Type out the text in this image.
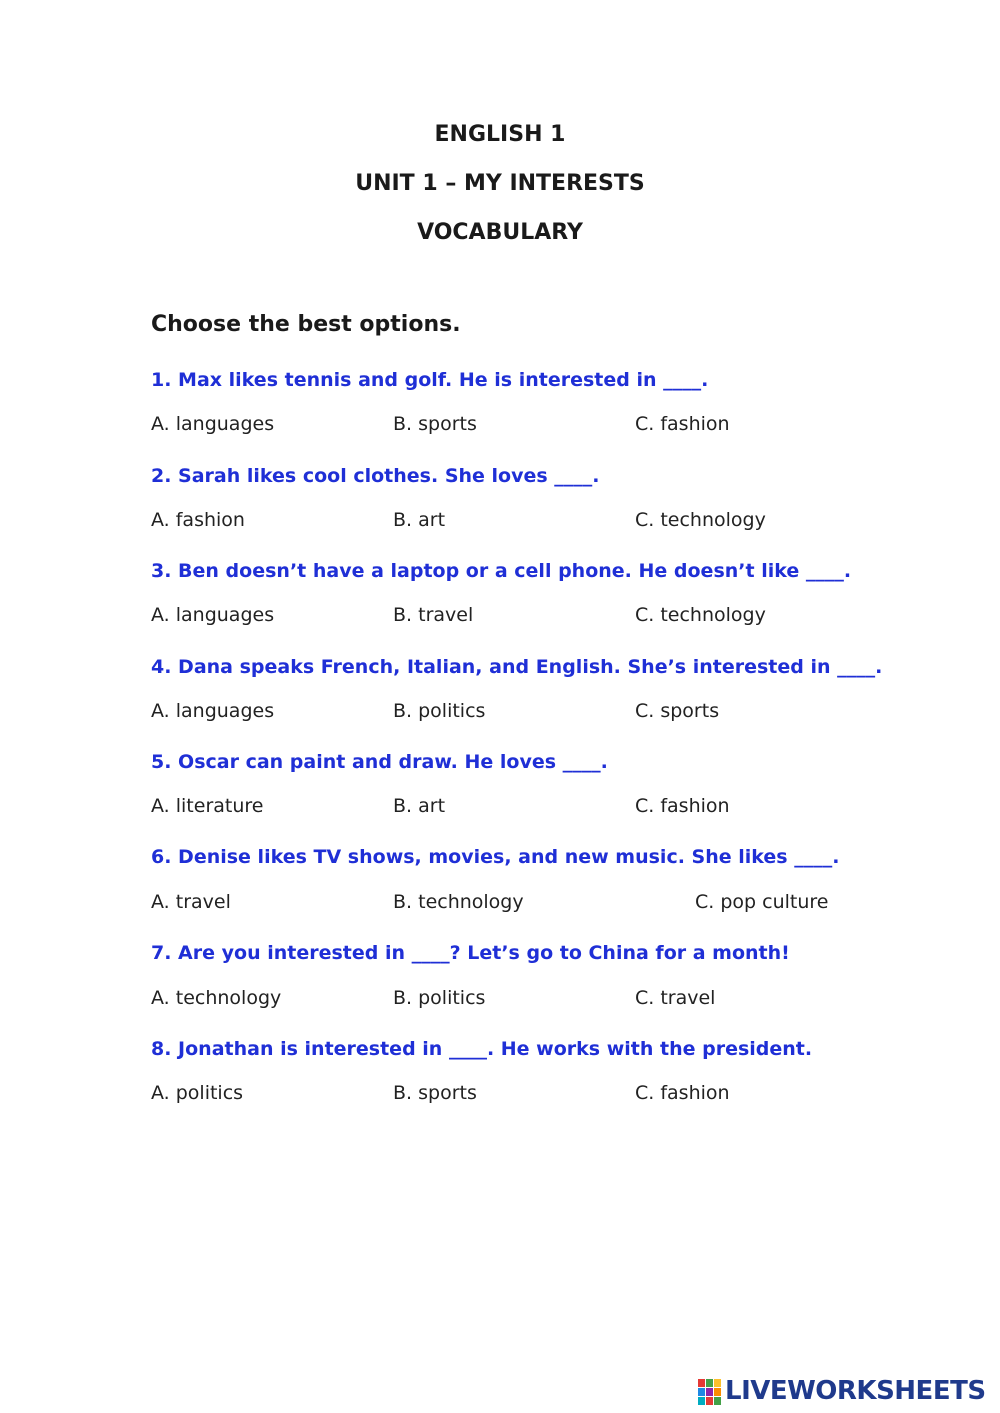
ENGLISH 1
UNIT 1 – MY INTERESTS
VOCABULARY
Choose the best options.
1. Max likes tennis and golf. He is interested in ____.
A. languages	B. sports	C. fashion
2. Sarah likes cool clothes. She loves ____.
A. fashion	B. art	C. technology
3. Ben doesn’t have a laptop or a cell phone. He doesn’t like ____.
A. languages	B. travel	C. technology
4. Dana speaks French, Italian, and English. She’s interested in ____.
A. languages	B. politics	C. sports
5. Oscar can paint and draw. He loves ____.
A. literature	B. art	C. fashion
6. Denise likes TV shows, movies, and new music. She likes ____.
A. travel	B. technology	C. pop culture
7. Are you interested in ____? Let’s go to China for a month!
A. technology	B. politics	C. travel
8. Jonathan is interested in ____. He works with the president.
A. politics	B. sports	C. fashion
LIVEWORKSHEETS
